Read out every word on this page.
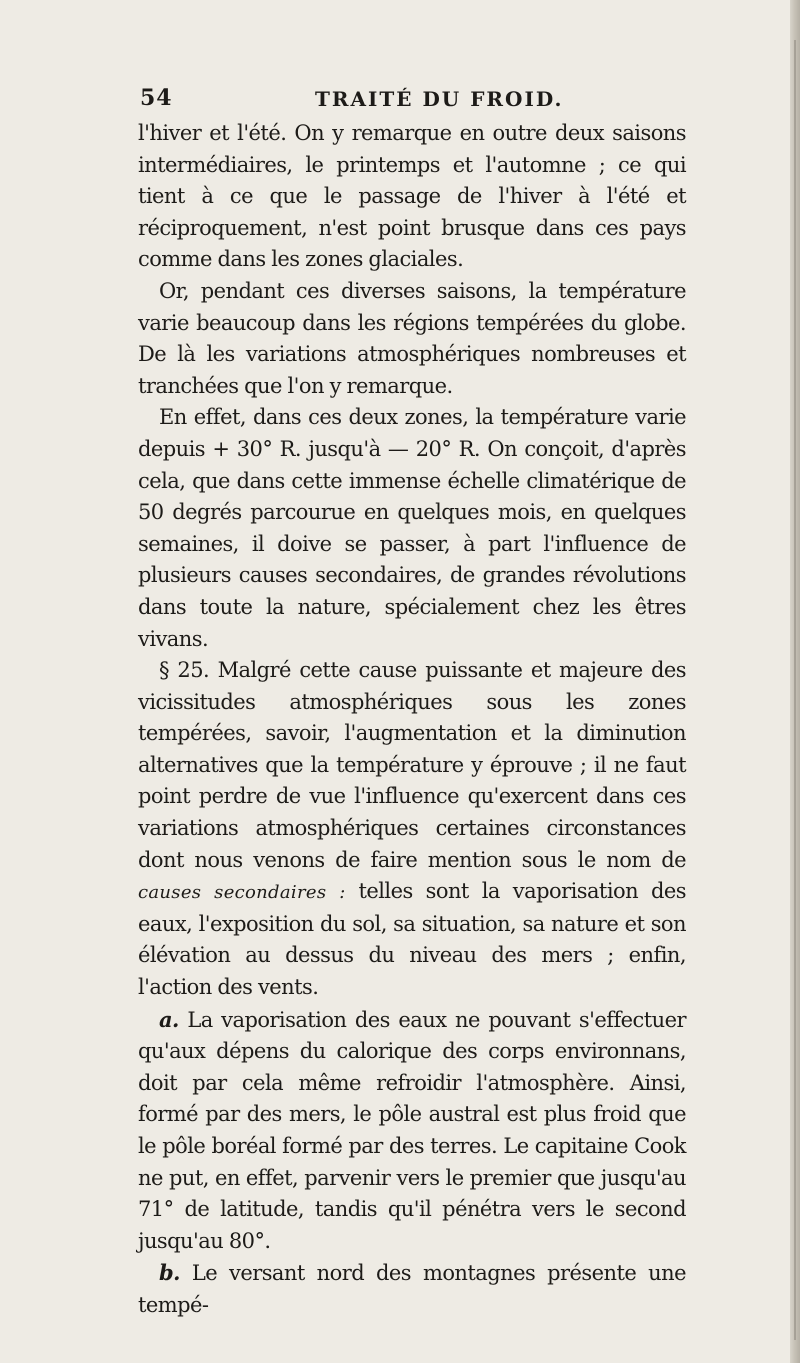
54	TRAITÉ DU FROID.

l'hiver et l'été. On y remarque en outre deux saisons intermédiaires, le printemps et l'automne ; ce qui tient à ce que le passage de l'hiver à l'été et réciproquement, n'est point brusque dans ces pays comme dans les zones glaciales.

Or, pendant ces diverses saisons, la température varie beaucoup dans les régions tempérées du globe. De là les variations atmosphériques nombreuses et tranchées que l'on y remarque.

En effet, dans ces deux zones, la température varie depuis + 30° R. jusqu'à — 20° R. On conçoit, d'après cela, que dans cette immense échelle climatérique de 50 degrés parcourue en quelques mois, en quelques semaines, il doive se passer, à part l'influence de plusieurs causes secondaires, de grandes révolutions dans toute la nature, spécialement chez les êtres vivans.

§ 25. Malgré cette cause puissante et majeure des vicissitudes atmosphériques sous les zones tempérées, savoir, l'augmentation et la diminution alternatives que la température y éprouve ; il ne faut point perdre de vue l'influence qu'exercent dans ces variations atmosphériques certaines circonstances dont nous venons de faire mention sous le nom de causes secondaires : telles sont la vaporisation des eaux, l'exposition du sol, sa situation, sa nature et son élévation au dessus du niveau des mers ; enfin, l'action des vents.

a. La vaporisation des eaux ne pouvant s'effectuer qu'aux dépens du calorique des corps environnans, doit par cela même refroidir l'atmosphère. Ainsi, formé par des mers, le pôle austral est plus froid que le pôle boréal formé par des terres. Le capitaine Cook ne put, en effet, parvenir vers le premier que jusqu'au 71° de latitude, tandis qu'il pénétra vers le second jusqu'au 80°.

b. Le versant nord des montagnes présente une tempé-
